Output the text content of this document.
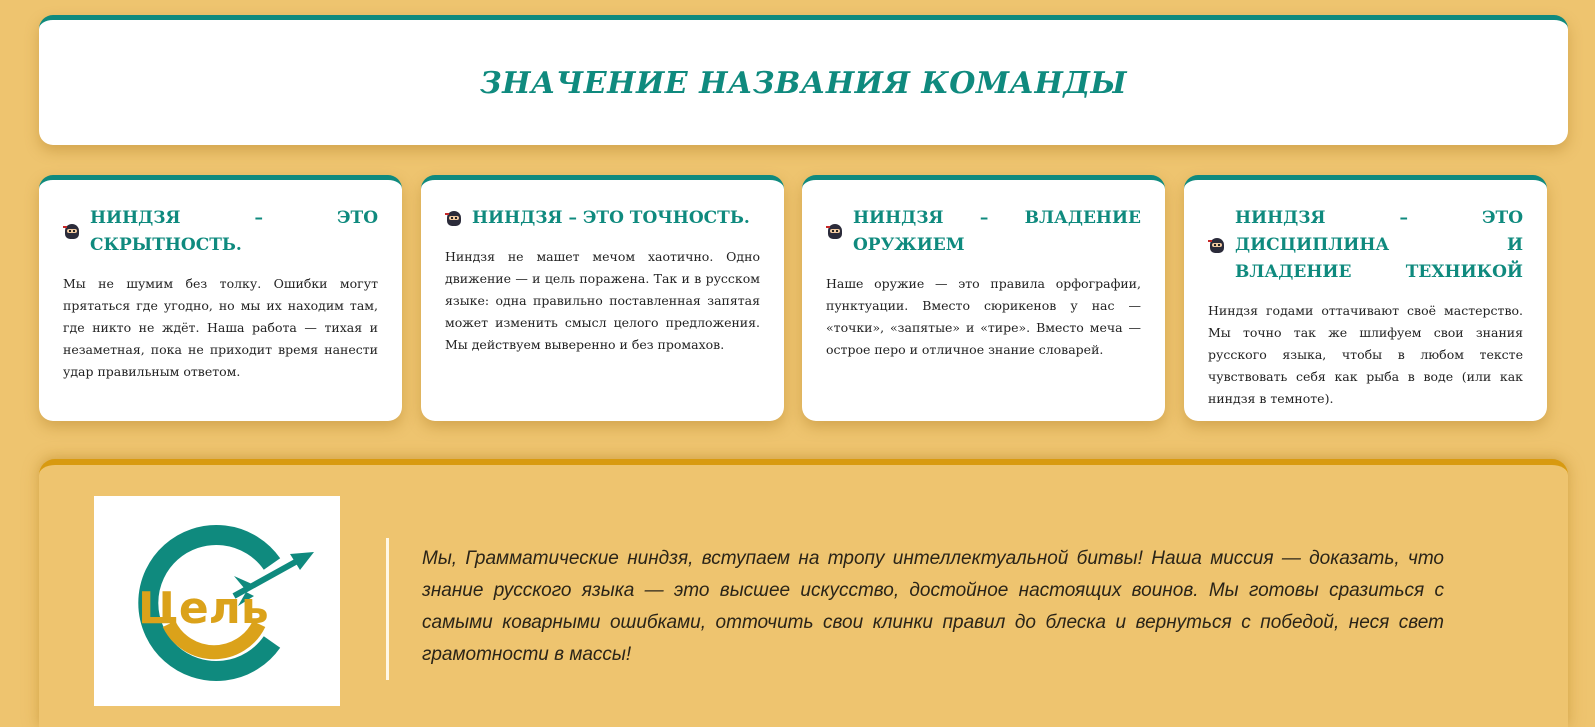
ЗНАЧЕНИЕ НАЗВАНИЯ КОМАНДЫ
НИНДЗЯ – ЭТО СКРЫТНОСТЬ.

Мы не шумим без толку. Ошибки могут прятаться где угодно, но мы их находим там, где никто не ждёт. Наша работа — тихая и незаметная, пока не приходит время нанести удар правильным ответом.

НИНДЗЯ – ЭТО ТОЧНОСТЬ.

Ниндзя не машет мечом хаотично. Одно движение — и цель поражена. Так и в русском языке: одна правильно поставленная запятая может изменить смысл целого предложения. Мы действуем выверенно и без промахов.

НИНДЗЯ – ВЛАДЕНИЕ ОРУЖИЕМ

Наше оружие — это правила орфографии, пунктуации. Вместо сюрикенов у нас — «точки», «запятые» и «тире». Вместо меча — острое перо и отличное знание словарей.

НИНДЗЯ – ЭТО ДИСЦИПЛИНА И ВЛАДЕНИЕ ТЕХНИКОЙ

Ниндзя годами оттачивают своё мастерство. Мы точно так же шлифуем свои знания русского языка, чтобы в любом тексте чувствовать себя как рыба в воде (или как ниндзя в темноте).

Цель

Мы, Грамматические ниндзя, вступаем на тропу интеллектуальной битвы! Наша миссия — доказать, что знание русского языка — это высшее искусство, достойное настоящих воинов. Мы готовы сразиться с самыми коварными ошибками, отточить свои клинки правил до блеска и вернуться с победой, неся свет грамотности в массы!
